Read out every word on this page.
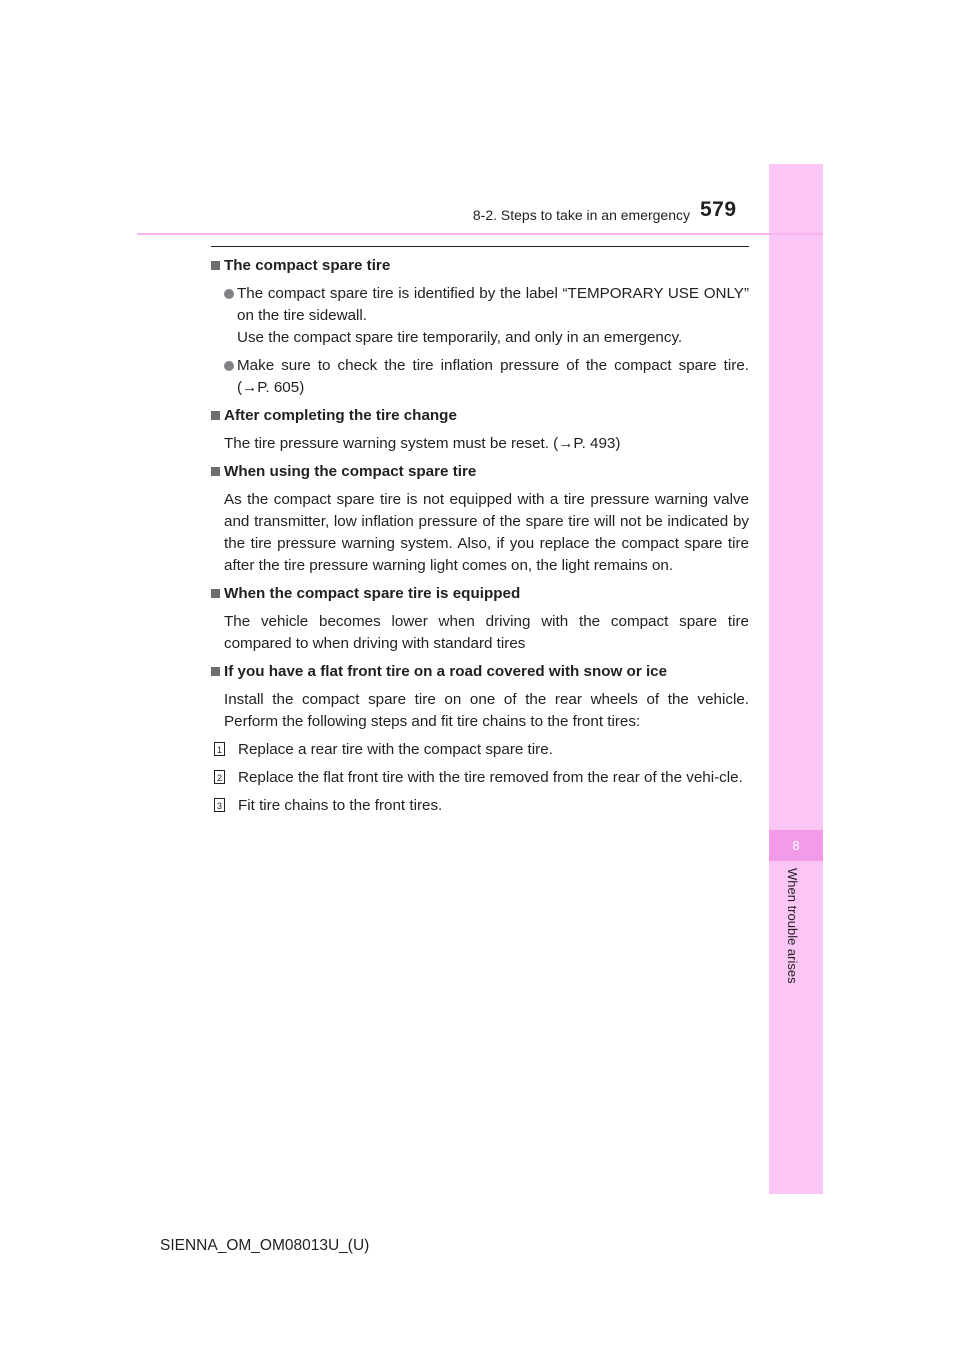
8
When trouble arises
8-2. Steps to take in an emergency 579

The compact spare tire

The compact spare tire is identified by the label “TEMPORARY USE ONLY” on the tire sidewall.
Use the compact spare tire temporarily, and only in an emergency.

Make sure to check the tire inflation pressure of the compact spare tire. (→P. 605)

After completing the tire change

The tire pressure warning system must be reset. (→P. 493)

When using the compact spare tire

As the compact spare tire is not equipped with a tire pressure warning valve and transmitter, low inflation pressure of the spare tire will not be indicated by the tire pressure warning system. Also, if you replace the compact spare tire after the tire pressure warning light comes on, the light remains on.

When the compact spare tire is equipped

The vehicle becomes lower when driving with the compact spare tire compared to when driving with standard tires

If you have a flat front tire on a road covered with snow or ice

Install the compact spare tire on one of the rear wheels of the vehicle. Perform the following steps and fit tire chains to the front tires:

1 Replace a rear tire with the compact spare tire.

2 Replace the flat front tire with the tire removed from the rear of the vehi-cle.

3 Fit tire chains to the front tires.

SIENNA_OM_OM08013U_(U)
